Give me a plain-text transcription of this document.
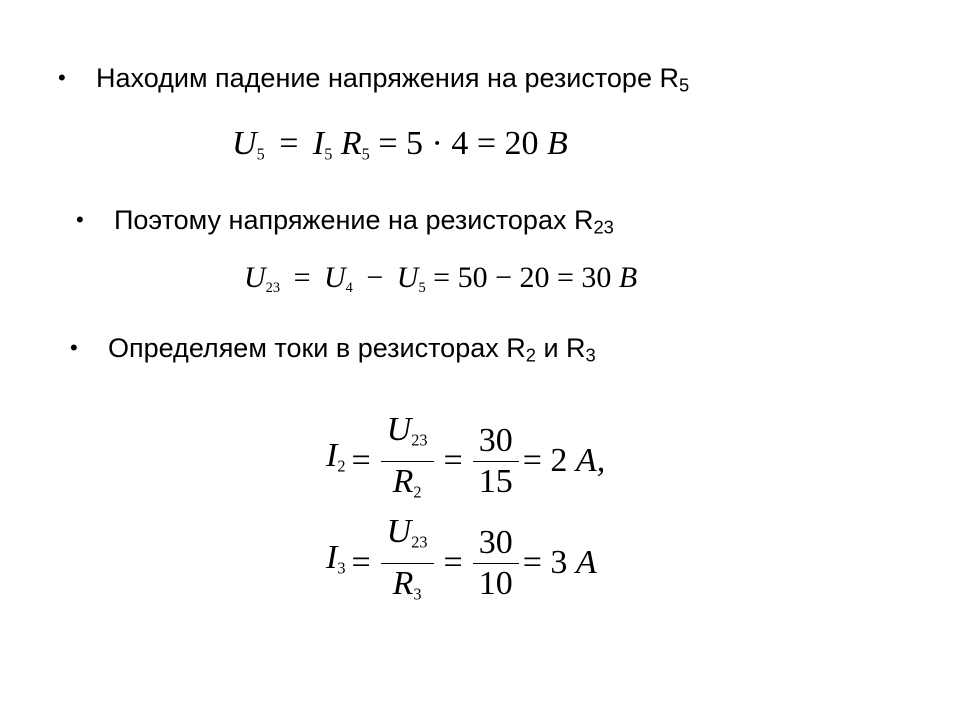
• Находим падение напряжения на резисторе R5
$U_5 = I_5$ $R_5 = 5 \cdot 4 = 20$ B
• Поэтому напряжение на резисторах R23
$U_{23} = U_4 - U_5 = 50 - 20 = 30$ B
• Определяем токи в резисторах R2 и R3
$I_2 = \frac{U_{23}}{R_2} = \frac{30}{15} = 2$
A,
$I_3 = \frac{U_{23}}{R_3} = \frac{30}{10} = 3$
A
